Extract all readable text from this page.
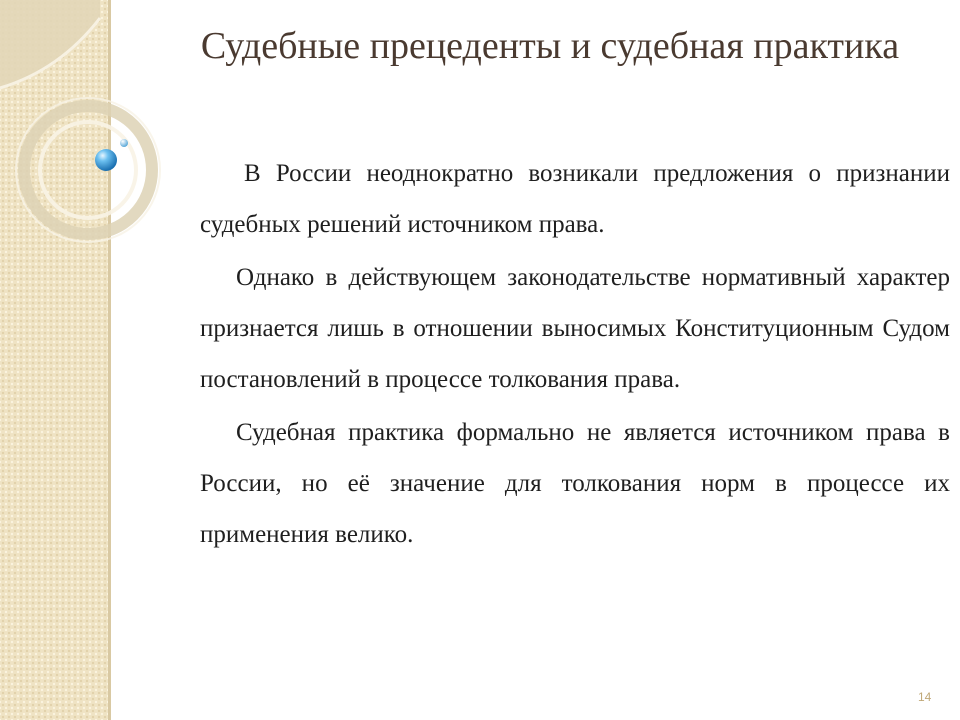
Судебные прецеденты и судебная практика

В России неоднократно возникали предложения о признании судебных решений источником права.

Однако в действующем законодательстве нормативный характер признается лишь в отношении выносимых Конституционным Судом постановлений в процессе толкования права.

Судебная практика формально не является источником права в России, но её значение для толкования норм в процессе их применения велико.

14
